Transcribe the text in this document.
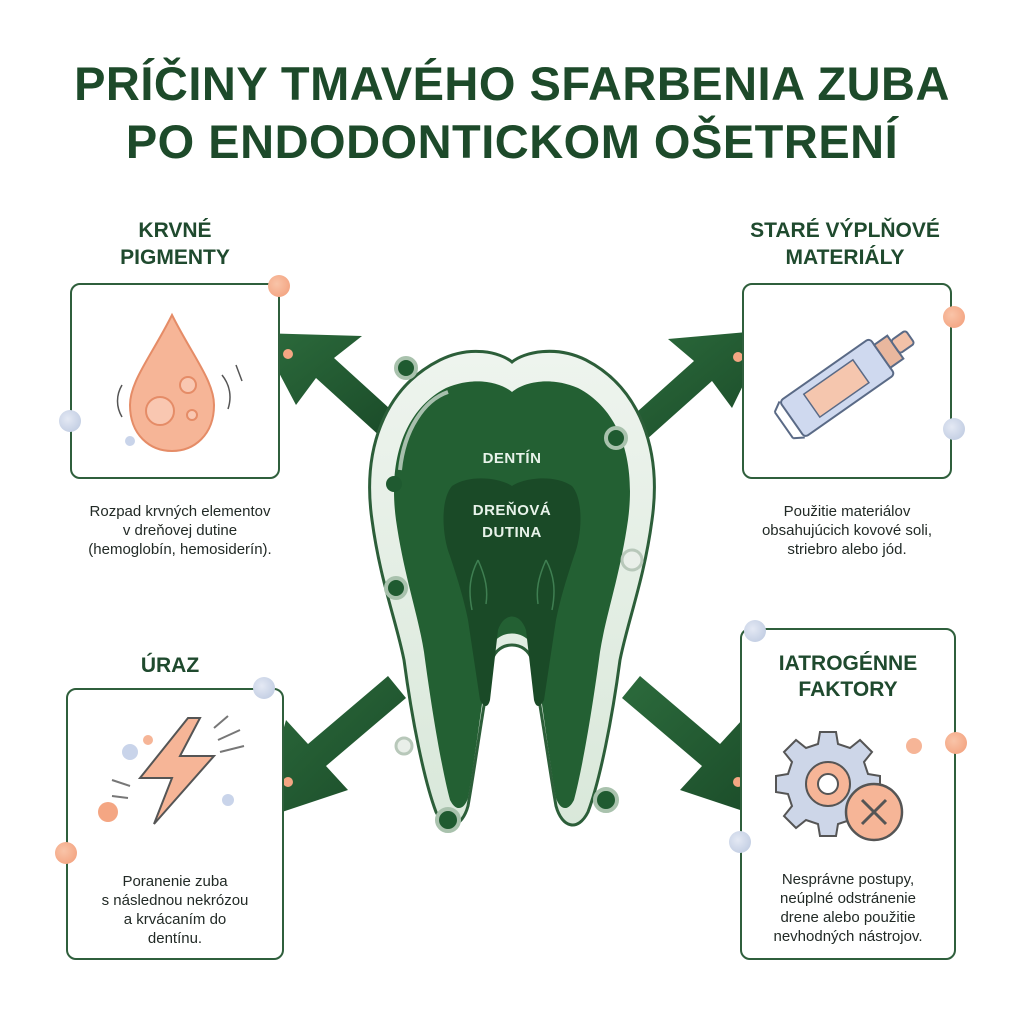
PRÍČINY TMAVÉHO SFARBENIA ZUBA
PO ENDODONTICKOM OŠETRENÍ
DENTÍN
DREŇOVÁ
DUTINA
KRVNÉ
PIGMENTY
Rozpad krvných elementov
v dreňovej dutine
(hemoglobín, hemosiderín).
STARÉ VÝPLŇOVÉ
MATERIÁLY
Použitie materiálov
obsahujúcich kovové soli,
striebro alebo jód.
ÚRAZ
Poranenie zuba
s následnou nekrózou
a krvácaním do
dentínu.
IATROGÉNNE
FAKTORY
Nesprávne postupy,
neúplné odstránenie
drene alebo použitie
nevhodných nástrojov.
